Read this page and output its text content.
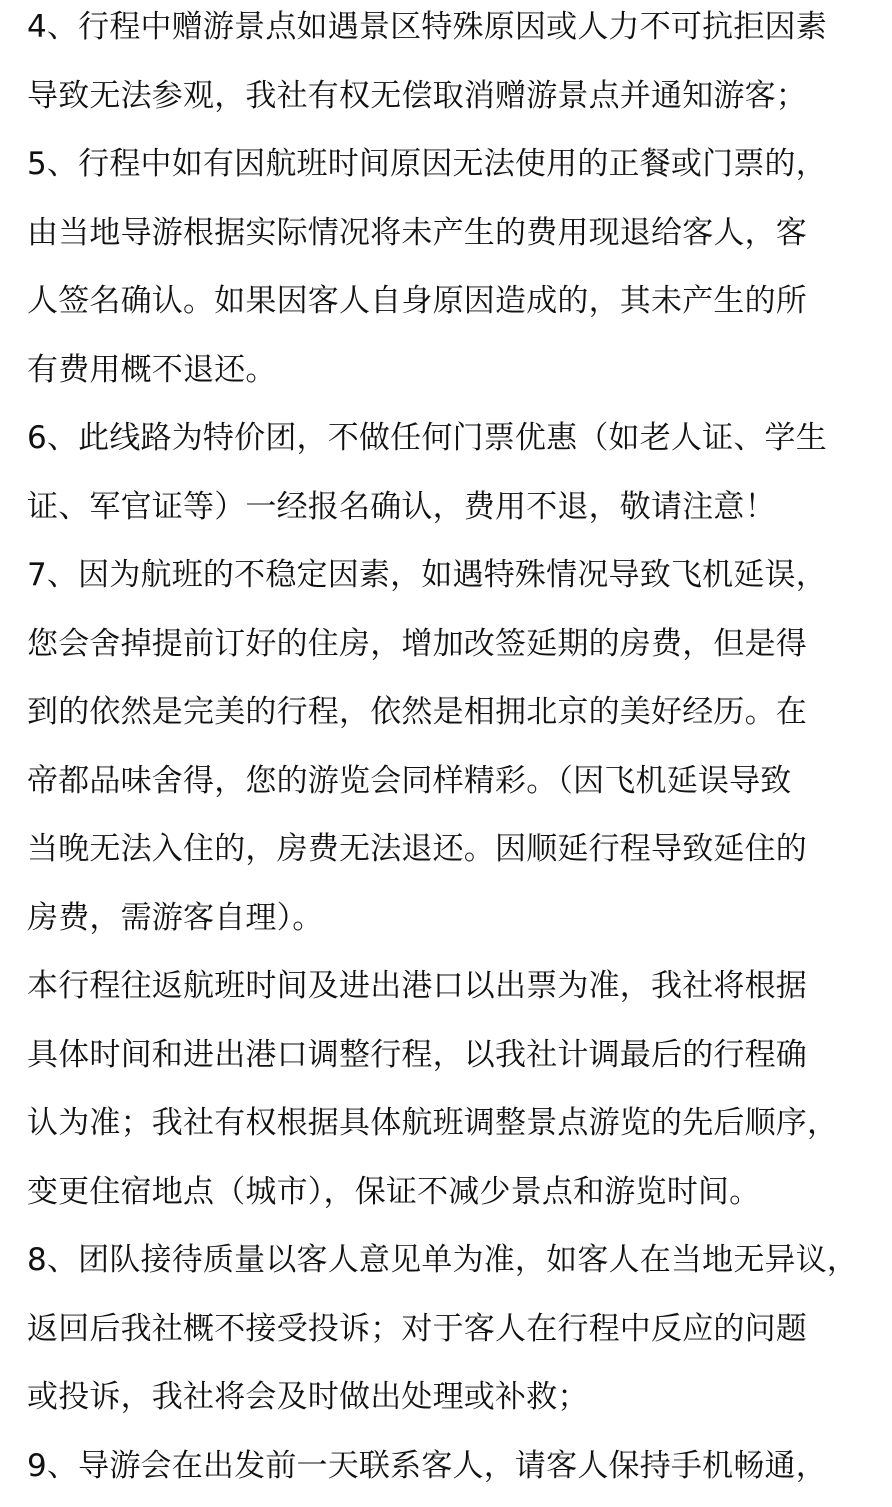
4、行程中赠游景点如遇景区特殊原因或人力不可抗拒因素
导致无法参观，我社有权无偿取消赠游景点并通知游客；
5、行程中如有因航班时间原因无法使用的正餐或门票的，
由当地导游根据实际情况将未产生的费用现退给客人，客
人签名确认。如果因客人自身原因造成的，其未产生的所
有费用概不退还。
6、此线路为特价团，不做任何门票优惠（如老人证、学生
证、军官证等）一经报名确认，费用不退，敬请注意！
7、因为航班的不稳定因素，如遇特殊情况导致飞机延误，
您会舍掉提前订好的住房，增加改签延期的房费，但是得
到的依然是完美的行程，依然是相拥北京的美好经历。在
帝都品味舍得，您的游览会同样精彩。（因飞机延误导致
当晚无法入住的，房费无法退还。因顺延行程导致延住的
房费，需游客自理）。
本行程往返航班时间及进出港口以出票为准，我社将根据
具体时间和进出港口调整行程，以我社计调最后的行程确
认为准；我社有权根据具体航班调整景点游览的先后顺序，
变更住宿地点（城市），保证不减少景点和游览时间。
8、团队接待质量以客人意见单为准，如客人在当地无异议，
返回后我社概不接受投诉；对于客人在行程中反应的问题
或投诉，我社将会及时做出处理或补救；
9、导游会在出发前一天联系客人，请客人保持手机畅通，
